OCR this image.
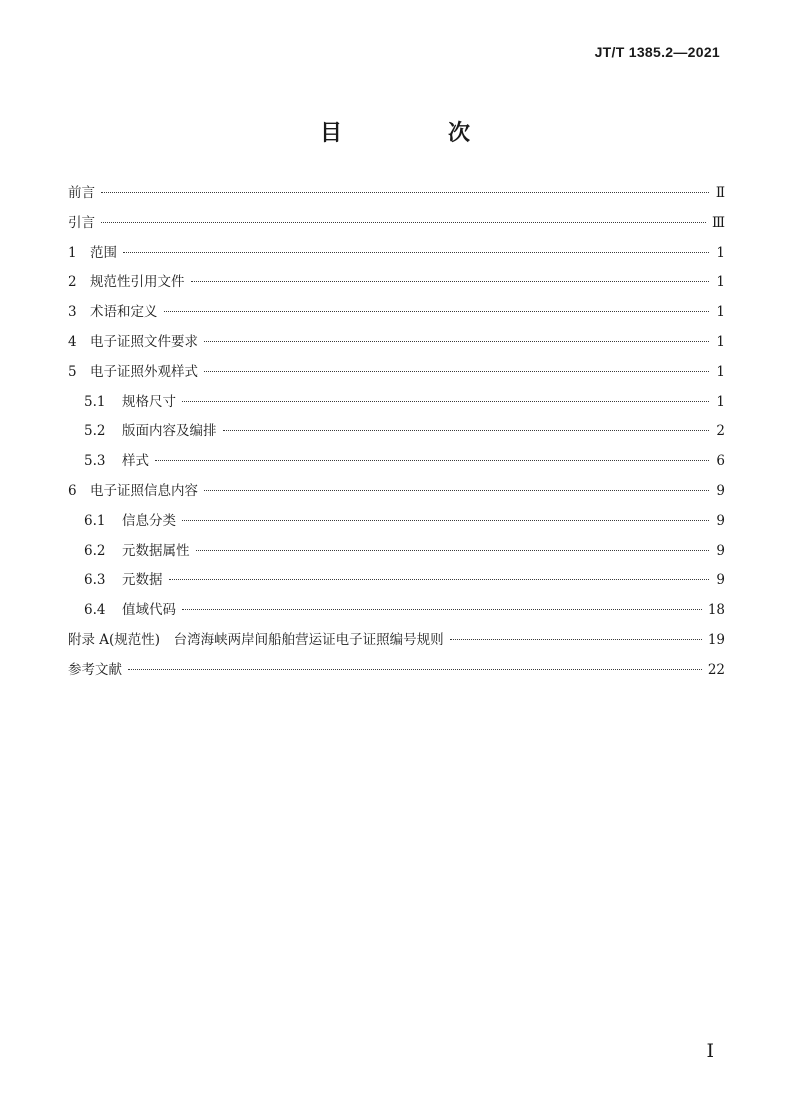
JT/T 1385.2—2021
目　次
前言	Ⅱ
引言	Ⅲ
1 范围	1
2 规范性引用文件	1
3 术语和定义	1
4 电子证照文件要求	1
5 电子证照外观样式	1
5.1	规格尺寸	1
5.2	版面内容及编排	2
5.3	样式	6
6 电子证照信息内容	9
6.1	信息分类	9
6.2	元数据属性	9
6.3	元数据	9
6.4	值域代码	18
附录 A(规范性)　台湾海峡两岸间船舶营运证电子证照编号规则	19
参考文献	22
Ⅰ
